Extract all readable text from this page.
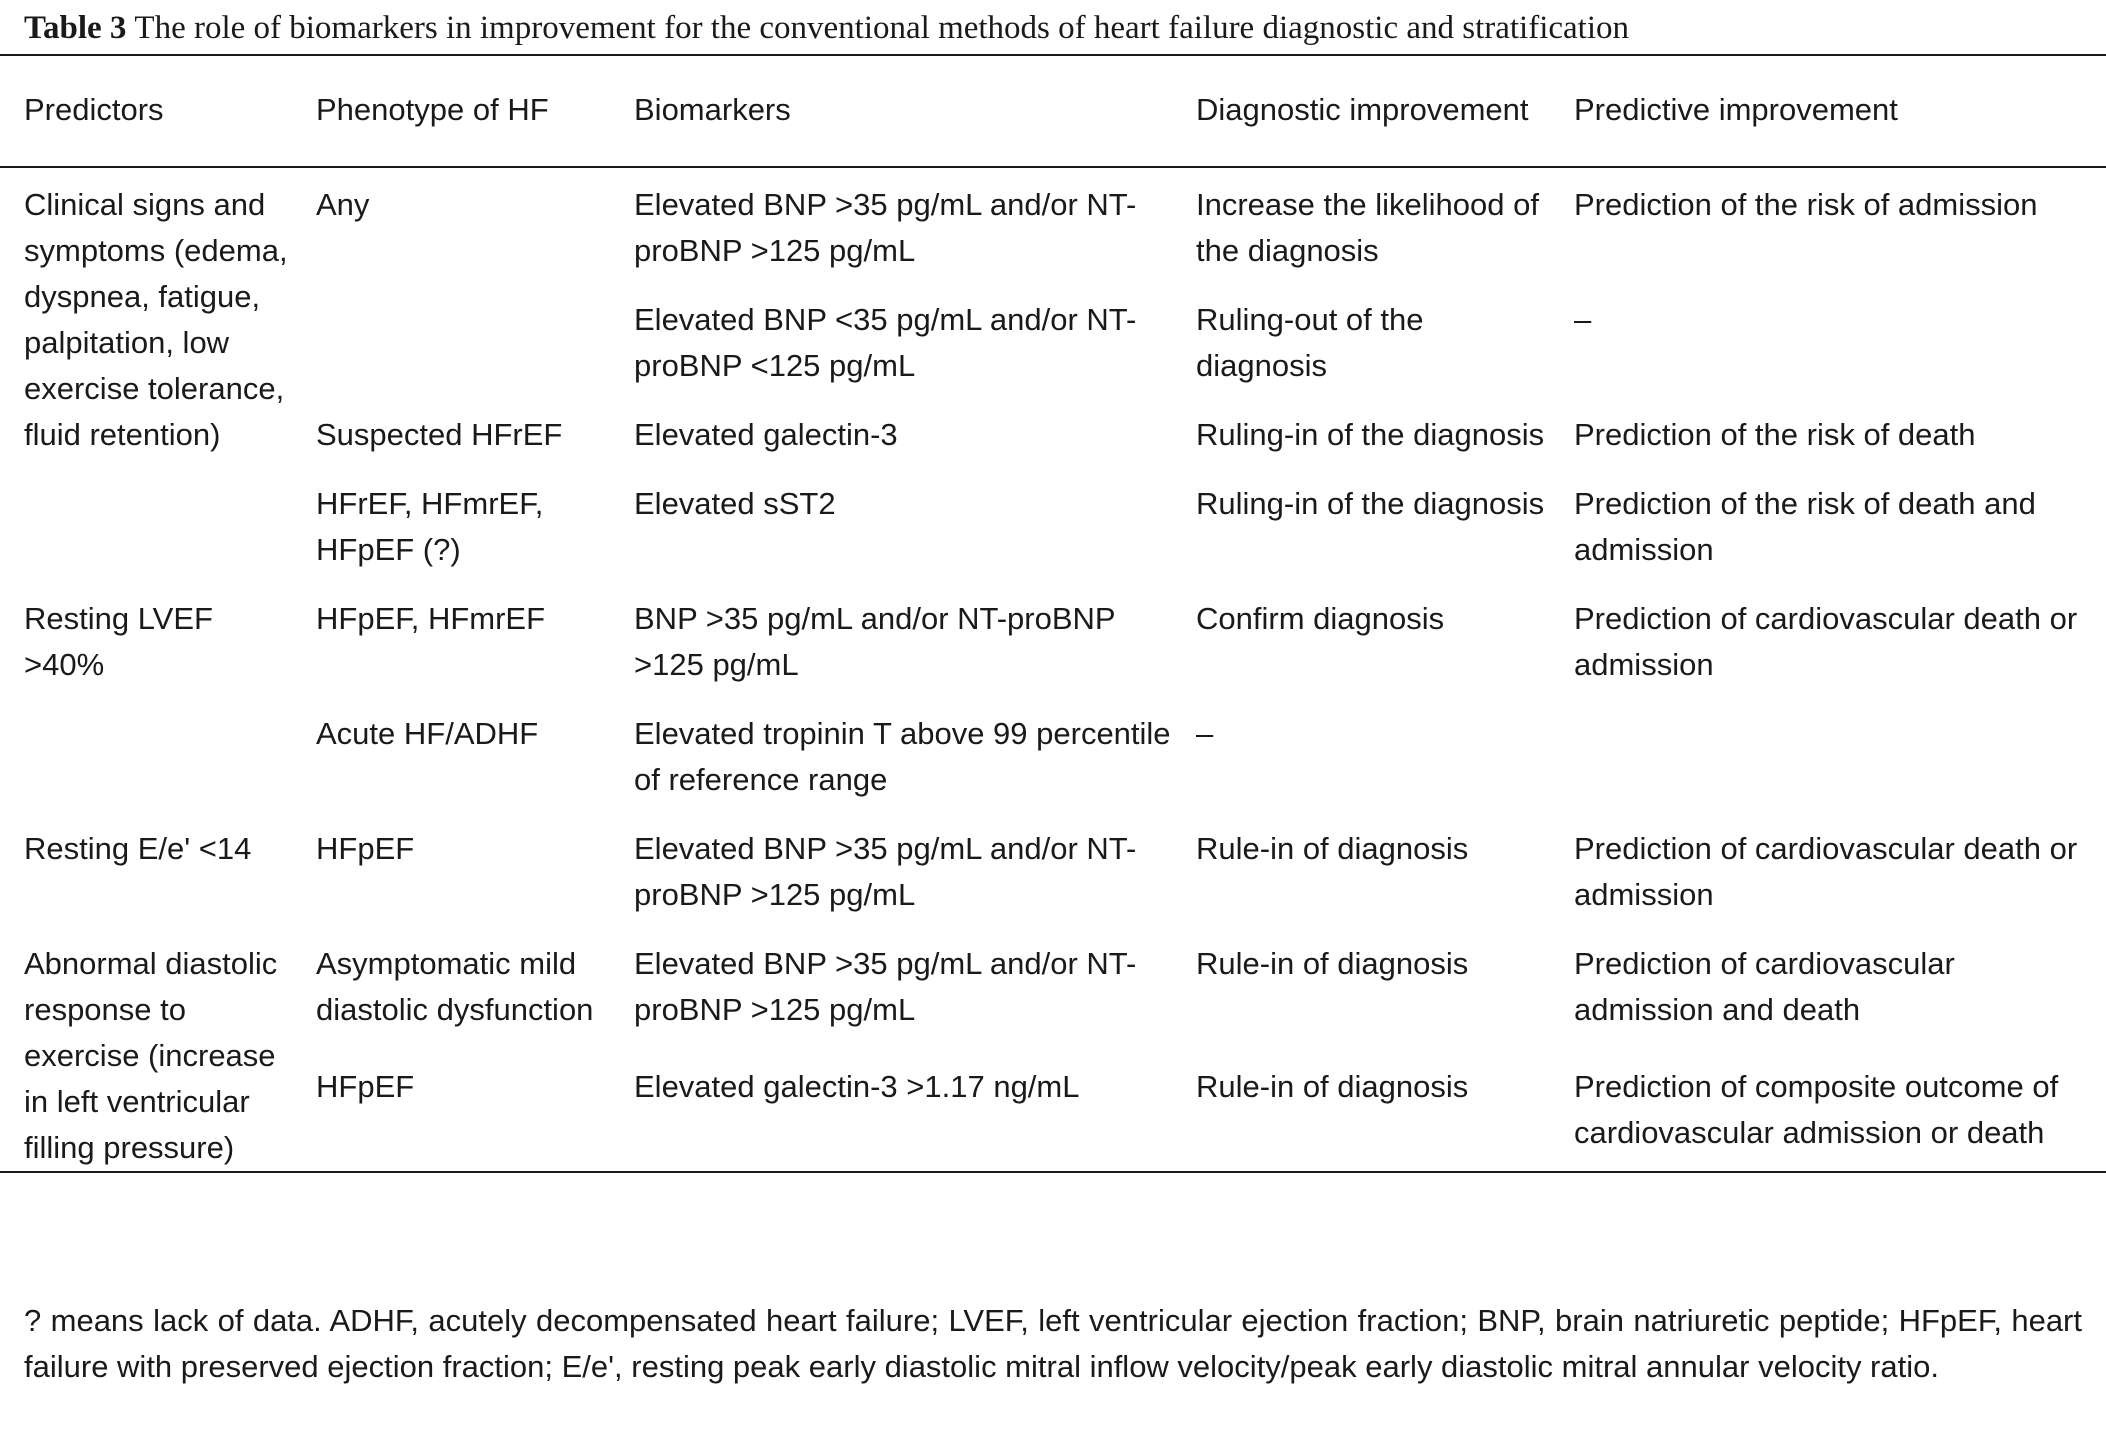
Table 3 The role of biomarkers in improvement for the conventional methods of heart failure diagnostic and stratification
Predictors	Phenotype of HF	Biomarkers	Diagnostic improvement	Predictive improvement
Clinical signs and symptoms (edema, dyspnea, fatigue, palpitation, low exercise tolerance, fluid retention)	Any	Elevated BNP >35 pg/mL and/or NT-proBNP >125 pg/mL	Increase the likelihood of the diagnosis	Prediction of the risk of admission
		Elevated BNP <35 pg/mL and/or NT-proBNP <125 pg/mL	Ruling-out of the diagnosis	–
	Suspected HFrEF	Elevated galectin-3	Ruling-in of the diagnosis	Prediction of the risk of death
	HFrEF, HFmrEF, HFpEF (?)	Elevated sST2	Ruling-in of the diagnosis	Prediction of the risk of death and admission
Resting LVEF >40%	HFpEF, HFmrEF	BNP >35 pg/mL and/or NT-proBNP >125 pg/mL	Confirm diagnosis	Prediction of cardiovascular death or admission
	Acute HF/ADHF	Elevated tropinin T above 99 percentile of reference range	–	
Resting E/e' <14	HFpEF	Elevated BNP >35 pg/mL and/or NT-proBNP >125 pg/mL	Rule-in of diagnosis	Prediction of cardiovascular death or admission
Abnormal diastolic response to exercise (increase in left ventricular filling pressure)	Asymptomatic mild diastolic dysfunction	Elevated BNP >35 pg/mL and/or NT-proBNP >125 pg/mL	Rule-in of diagnosis	Prediction of cardiovascular admission and death
	HFpEF	Elevated galectin-3 >1.17 ng/mL	Rule-in of diagnosis	Prediction of composite outcome of cardiovascular admission or death
? means lack of data. ADHF, acutely decompensated heart failure; LVEF, left ventricular ejection fraction; BNP, brain natriuretic peptide; HFpEF, heart failure with preserved ejection fraction; E/e', resting peak early diastolic mitral inflow velocity/peak early diastolic mitral annular velocity ratio.
